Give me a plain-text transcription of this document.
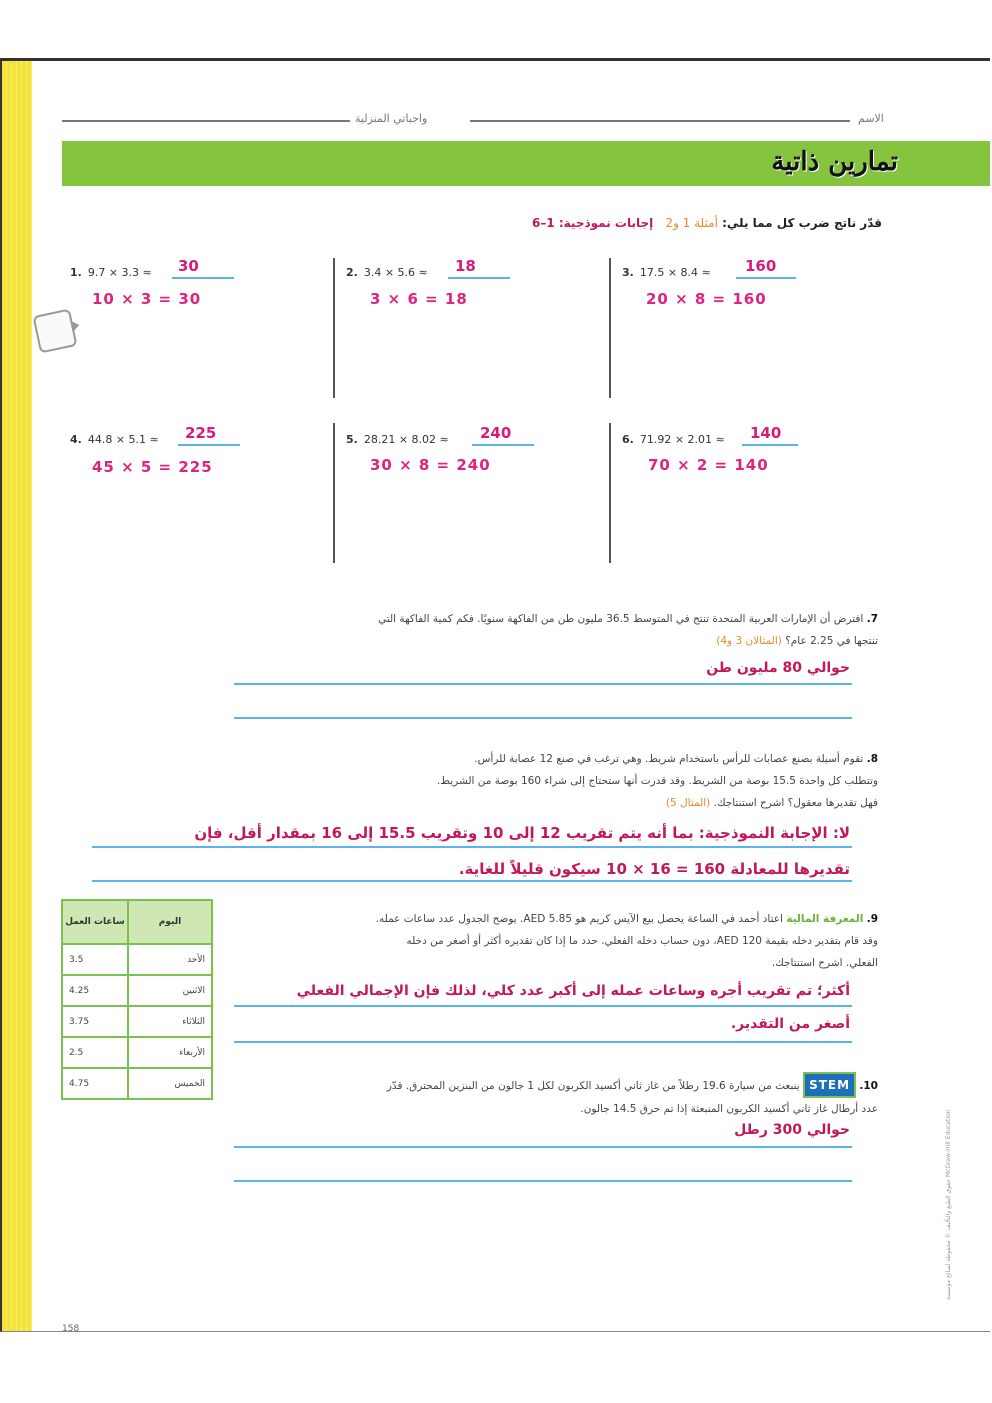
واجباتي المنزلية	الاسم
تمارين ذاتية
قدّر ناتج ضرب كل مما يلي: أمثلة 1 و2 إجابات نموذجية: 1–6
1. 9.7 × 3.3 ≈ 30
10 × 3 = 30
2. 3.4 × 5.6 ≈ 18
3 × 6 = 18
3. 17.5 × 8.4 ≈ 160
20 × 8 = 160
4. 44.8 × 5.1 ≈ 225
45 × 5 = 225
5. 28.21 × 8.02 ≈ 240
30 × 8 = 240
6. 71.92 × 2.01 ≈ 140
70 × 2 = 140
7. افترض أن الإمارات العربية المتحدة تنتج في المتوسط 36.5 مليون طن من الفاكهة سنويًا. فكم كمية الفاكهة التي
تنتجها في 2.25 عام؟ (المثالان 3 و4)
حوالي 80 مليون طن
8. تقوم أسيلة بصنع عصابات للرأس باستخدام شريط. وهي ترغب في صنع 12 عصابة للرأس.
وتتطلب كل واحدة 15.5 بوصة من الشريط. وقد قدرت أنها ستحتاج إلى شراء 160 بوصة من الشريط.
فهل تقديرها معقول؟ اشرح استنتاجك. (المثال 5)
لا: الإجابة النموذجية: بما أنه يتم تقريب 12 إلى 10 وتقريب 15.5 إلى 16 بمقدار أقل، فإن
تقديرها للمعادلة 160 = 16 × 10 سيكون قليلاً للغاية.
ساعات العمل	اليوم
3.5	الأحد
4.25	الاثنين
3.75	الثلاثاء
2.5	الأربعاء
4.75	الخميس
9. المعرفة المالية اعتاد أحمد في الساعة يحصل بيع الآيس كريم هو AED 5.85. يوضح الجدول عدد ساعات عمله.
وقد قام بتقدير دخله بقيمة AED 120، دون حساب دخله الفعلي. حدد ما إذا كان تقديره أكثر أو أصغر من دخله
الفعلي. اشرح استنتاجك.
أكثر؛ تم تقريب أجره وساعات عمله إلى أكبر عدد كلي، لذلك فإن الإجمالي الفعلي
أصغر من التقدير.
10. STEM ينبعث من سيارة 19.6 رطلاً من غاز ثاني أكسيد الكربون لكل 1 جالون من البنزين المحترق. قدّر
عدد أرطال غاز ثاني أكسيد الكربون المنبعثة إذا تم حرق 14.5 جالون.
حوالي 300 رطل
حقوق الطبع والتأليف © محفوظة لصالح مؤسسة McGraw-Hill Education
158
